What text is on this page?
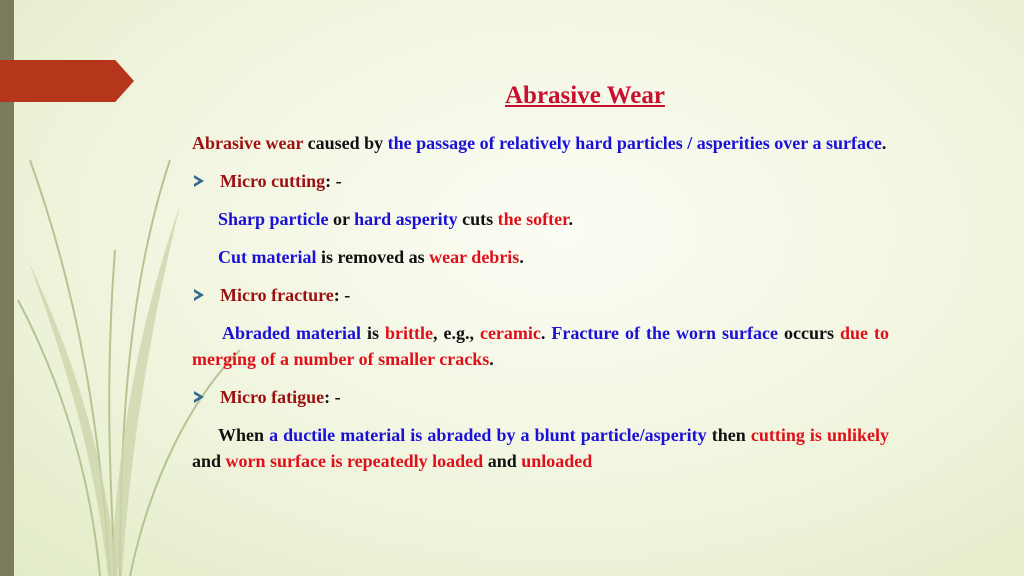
Abrasive Wear

Abrasive wear caused by the passage of relatively hard particles / asperities over a surface.

Micro cutting : -

Sharp particle or hard asperity cuts the softer.

Cut material is removed as wear debris.

Micro fracture : -

Abraded material is brittle, e.g., ceramic. Fracture of the worn surface occurs due to merging of a number of smaller cracks.

Micro fatigue : -

When a ductile material is abraded by a blunt particle/asperity then cutting is unlikely and worn surface is repeatedly loaded and unloaded
